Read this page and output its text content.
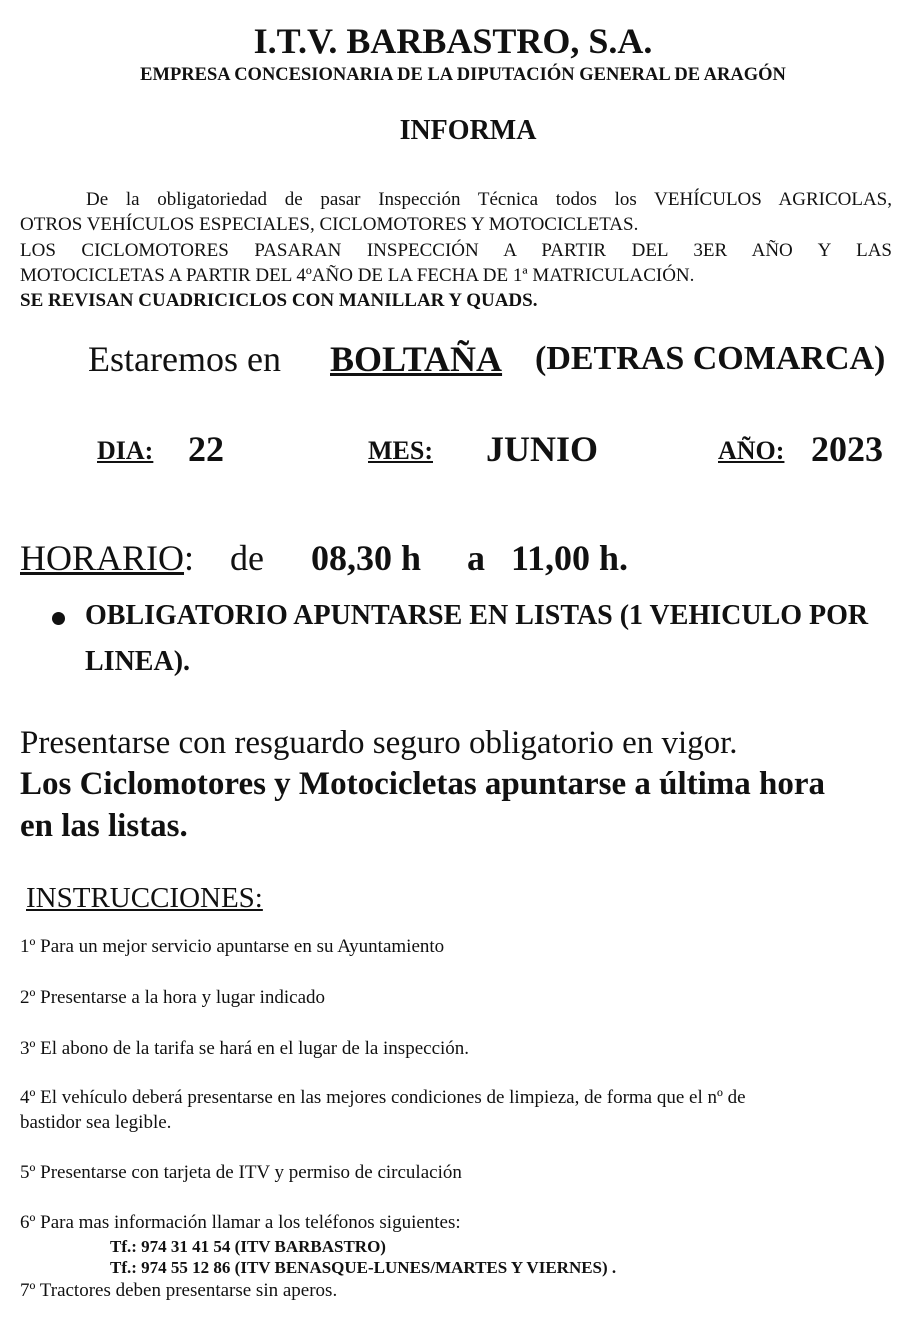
I.T.V. BARBASTRO, S.A.
EMPRESA CONCESIONARIA DE LA DIPUTACIÓN GENERAL DE ARAGÓN
INFORMA
De la obligatoriedad de pasar Inspección Técnica todos los VEHÍCULOS AGRICOLAS,
OTROS VEHÍCULOS ESPECIALES, CICLOMOTORES Y MOTOCICLETAS.
LOS CICLOMOTORES PASARAN INSPECCIÓN A PARTIR DEL 3ER AÑO Y LAS
MOTOCICLETAS A PARTIR DEL 4ºAÑO DE LA FECHA DE 1ª MATRICULACIÓN.
SE REVISAN CUADRICICLOS CON MANILLAR Y QUADS.
Estaremos en BOLTAÑA (DETRAS COMARCA)
DIA: 22	MES: JUNIO	AÑO: 2023
HORARIO: de 08,30 h a 11,00 h.
OBLIGATORIO APUNTARSE EN LISTAS (1 VEHICULO POR
LINEA).
Presentarse con resguardo seguro obligatorio en vigor.
Los Ciclomotores y Motocicletas apuntarse a última hora
en las listas.
INSTRUCCIONES:
1º Para un mejor servicio apuntarse en su Ayuntamiento
2º Presentarse a la hora y lugar indicado
3º El abono de la tarifa se hará en el lugar de la inspección.
4º El vehículo deberá presentarse en las mejores condiciones de limpieza, de forma que el nº de
bastidor sea legible.
5º Presentarse con tarjeta de ITV y permiso de circulación
6º Para mas información llamar a los teléfonos siguientes:
Tf.: 974 31 41 54 (ITV BARBASTRO)
Tf.: 974 55 12 86 (ITV BENASQUE-LUNES/MARTES Y VIERNES) .
7º Tractores deben presentarse sin aperos.
